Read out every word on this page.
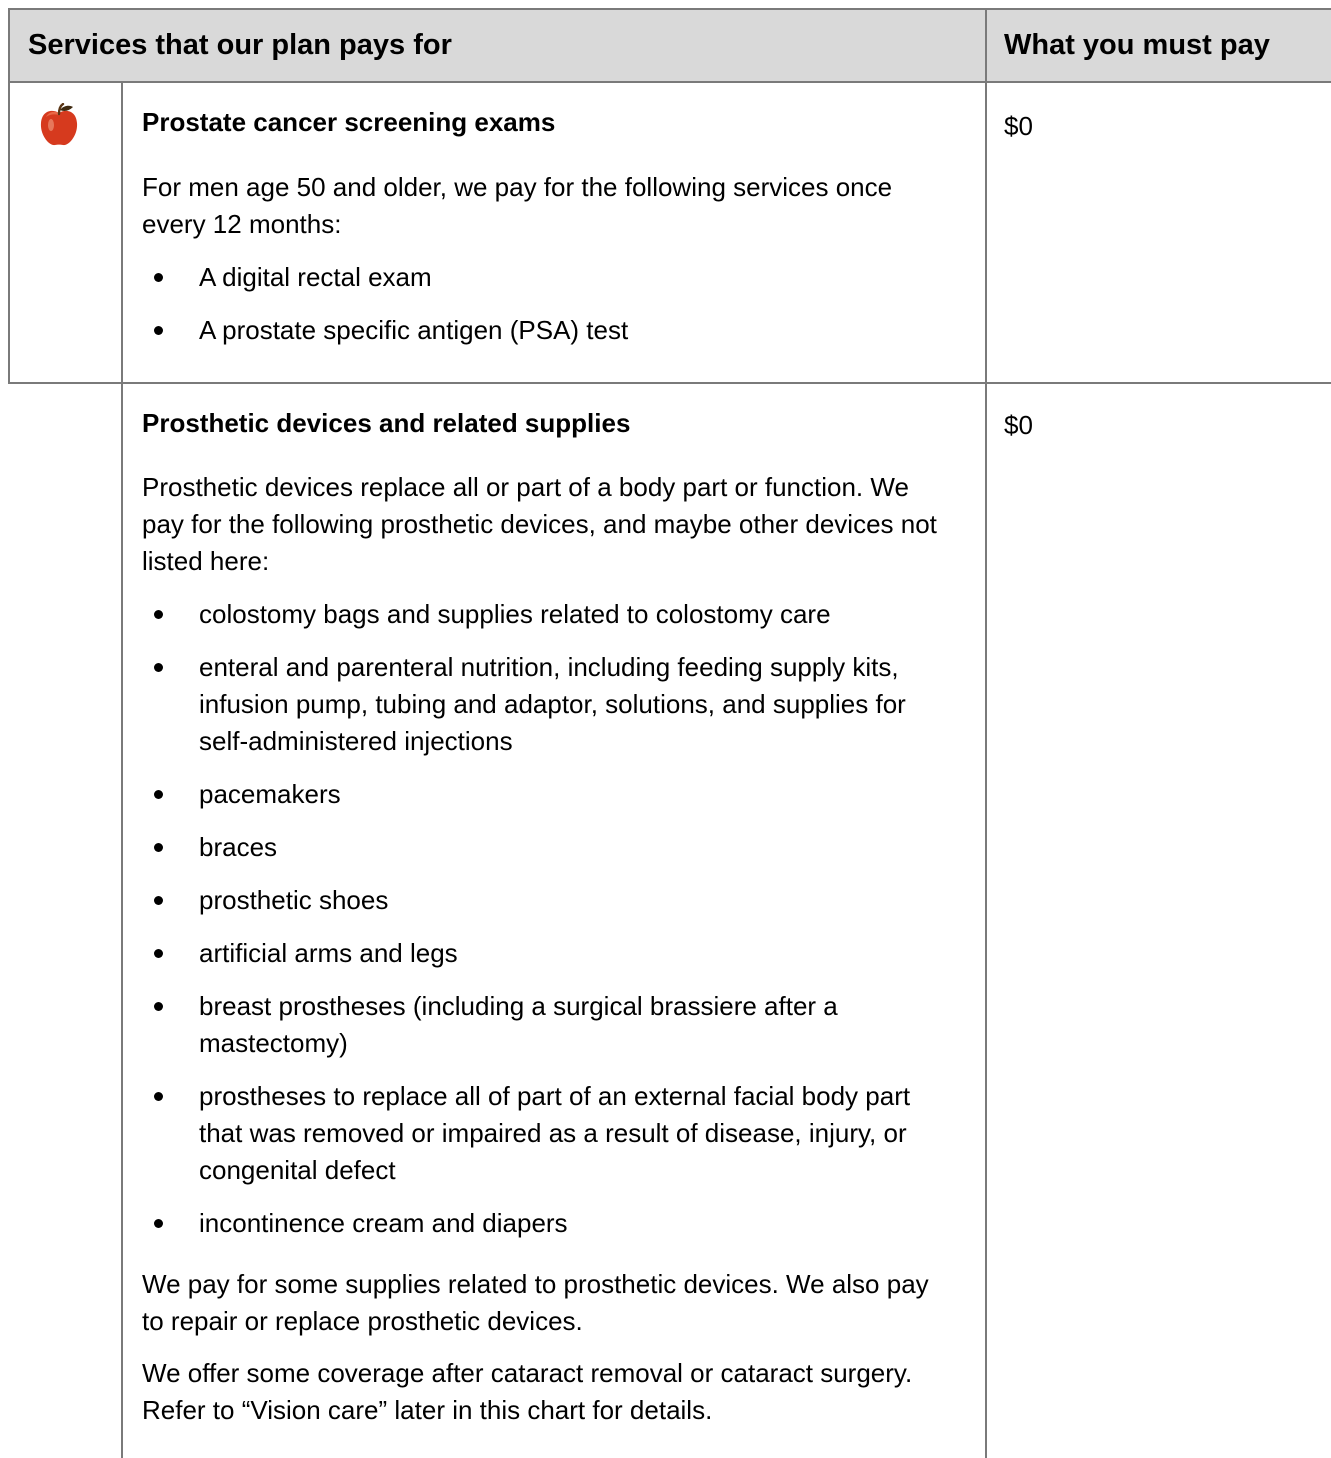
Services that our plan pays for	What you must pay
Prostate cancer screening exams

For men age 50 and older, we pay for the following services once every 12 months:

A digital rectal exam
A prostate specific antigen (PSA) test
$0
Prosthetic devices and related supplies

Prosthetic devices replace all or part of a body part or function. We pay for the following prosthetic devices, and maybe other devices not listed here:

colostomy bags and supplies related to colostomy care
enteral and parenteral nutrition, including feeding supply kits, infusion pump, tubing and adaptor, solutions, and supplies for self-administered injections
pacemakers
braces
prosthetic shoes
artificial arms and legs
breast prostheses (including a surgical brassiere after a mastectomy)
prostheses to replace all of part of an external facial body part that was removed or impaired as a result of disease, injury, or congenital defect
incontinence cream and diapers

We pay for some supplies related to prosthetic devices. We also pay to repair or replace prosthetic devices.

We offer some coverage after cataract removal or cataract surgery. Refer to “Vision care” later in this chart for details.

$0
